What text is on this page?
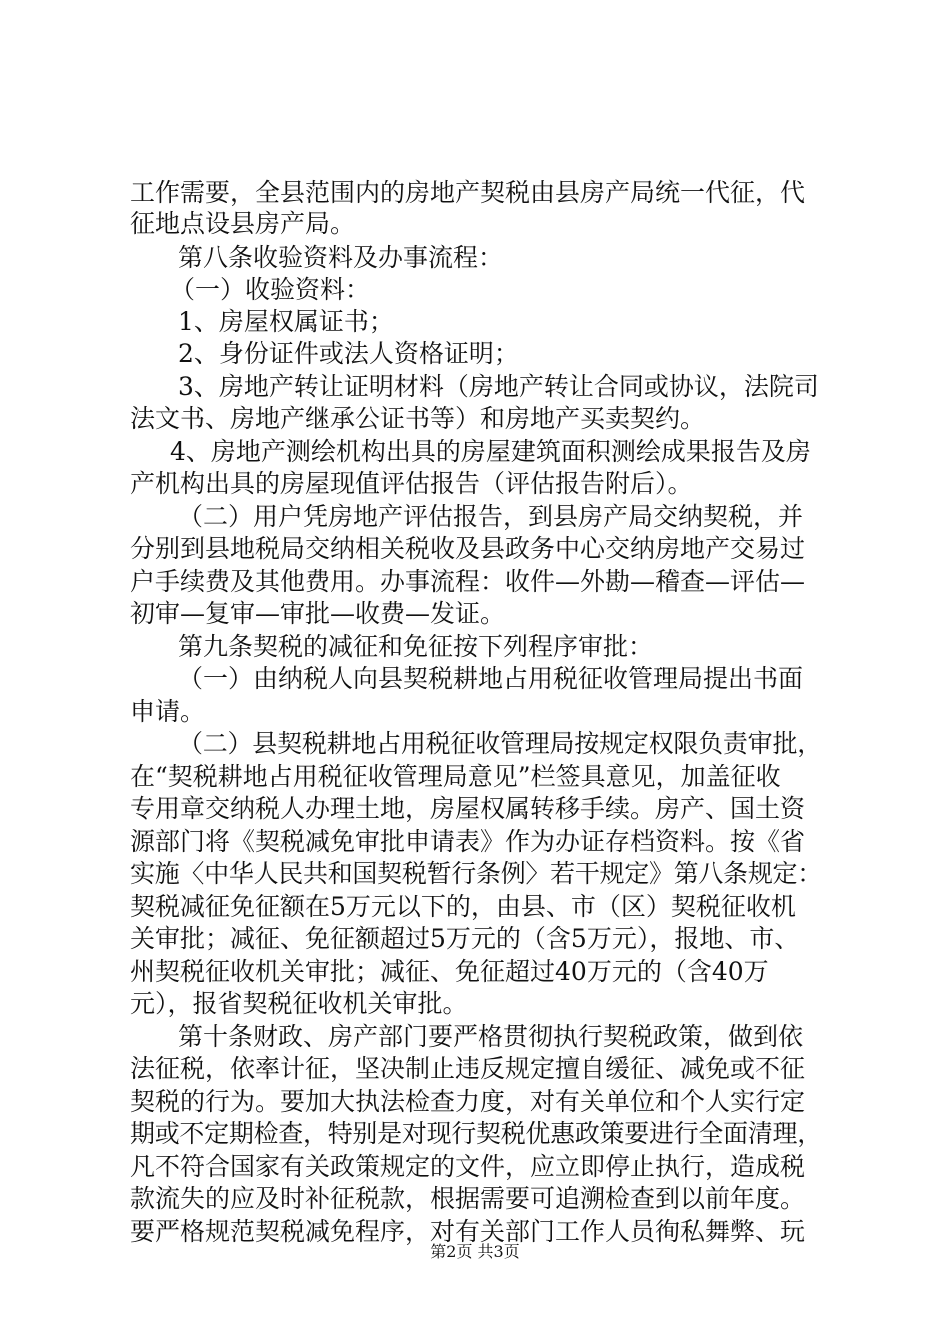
工作需要，全县范围内的房地产契税由县房产局统一代征，代
征地点设县房产局。
第八条收验资料及办事流程：
（一）收验资料：
1、房屋权属证书；
2、身份证件或法人资格证明；
3、房地产转让证明材料（房地产转让合同或协议，法院司
法文书、房地产继承公证书等）和房地产买卖契约。
4、房地产测绘机构出具的房屋建筑面积测绘成果报告及房
产机构出具的房屋现值评估报告（评估报告附后）。
（二）用户凭房地产评估报告，到县房产局交纳契税，并
分别到县地税局交纳相关税收及县政务中心交纳房地产交易过
户手续费及其他费用。办事流程：收件—外勘—稽查—评估—
初审—复审—审批—收费—发证。
第九条契税的减征和免征按下列程序审批：
（一）由纳税人向县契税耕地占用税征收管理局提出书面
申请。
（二）县契税耕地占用税征收管理局按规定权限负责审批，
在“契税耕地占用税征收管理局意见”栏签具意见，加盖征收
专用章交纳税人办理土地，房屋权属转移手续。房产、国土资
源部门将《契税减免审批申请表》作为办证存档资料。按《省
实施〈中华人民共和国契税暂行条例〉若干规定》第八条规定：
契税减征免征额在5万元以下的，由县、市（区）契税征收机
关审批；减征、免征额超过5万元的（含5万元），报地、市、
州契税征收机关审批；减征、免征超过40万元的（含40万
元），报省契税征收机关审批。
第十条财政、房产部门要严格贯彻执行契税政策，做到依
法征税，依率计征，坚决制止违反规定擅自缓征、减免或不征
契税的行为。要加大执法检查力度，对有关单位和个人实行定
期或不定期检查，特别是对现行契税优惠政策要进行全面清理，
凡不符合国家有关政策规定的文件，应立即停止执行，造成税
款流失的应及时补征税款，根据需要可追溯检查到以前年度。
要严格规范契税减免程序，对有关部门工作人员徇私舞弊、玩
第2页 共3页
